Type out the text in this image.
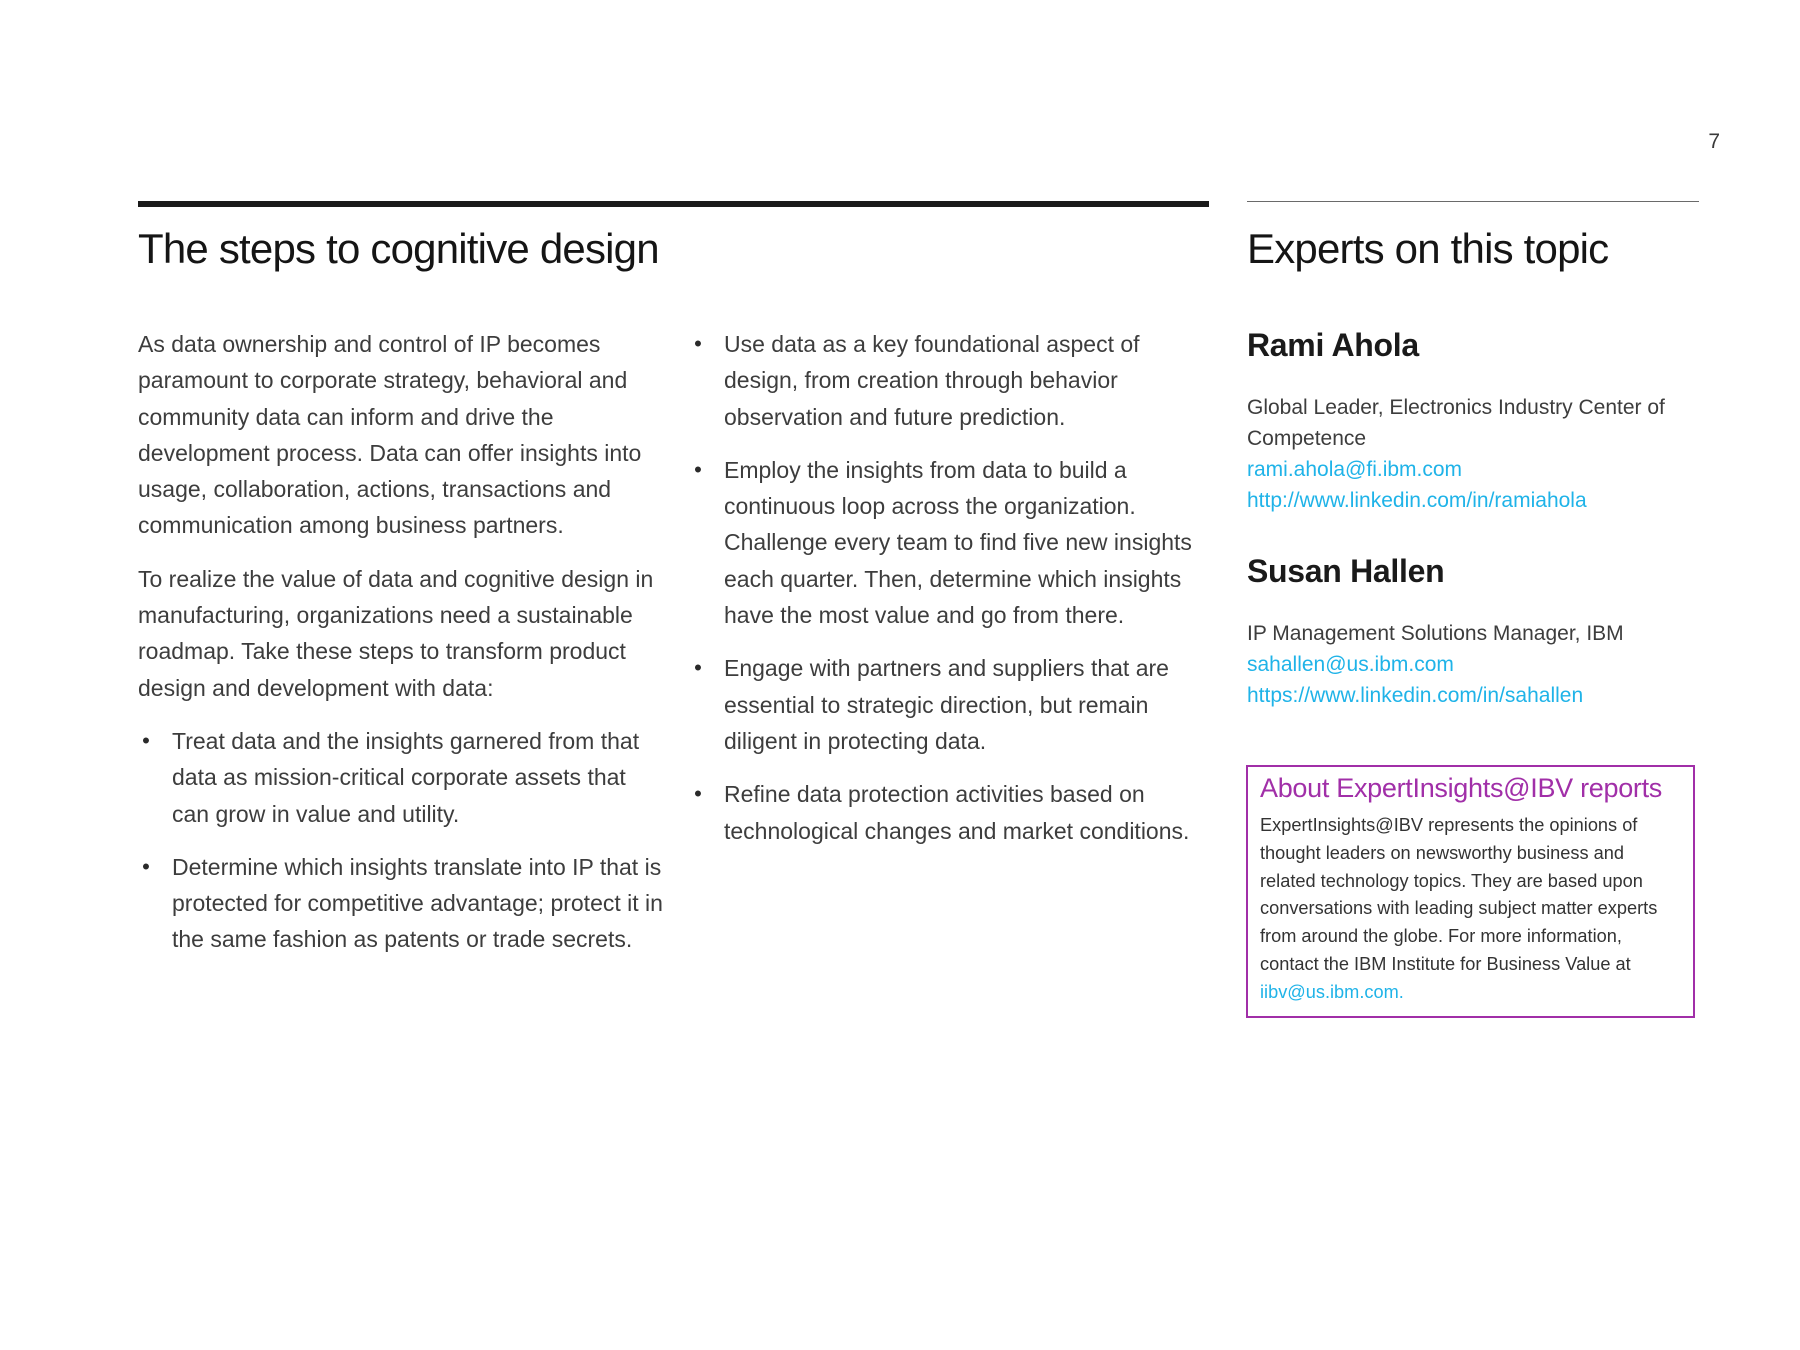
7
The steps to cognitive design	Experts on this topic

As data ownership and control of IP becomes paramount to corporate strategy, behavioral and community data can inform and drive the development process. Data can offer insights into usage, collaboration, actions, transactions and communication among business partners.

To realize the value of data and cognitive design in manufacturing, organizations need a sustainable roadmap. Take these steps to transform product design and development with data:

• Treat data and the insights garnered from that data as mission-critical corporate assets that can grow in value and utility.
• Determine which insights translate into IP that is protected for competitive advantage; protect it in the same fashion as patents or trade secrets.
• Use data as a key foundational aspect of design, from creation through behavior observation and future prediction.
• Employ the insights from data to build a continuous loop across the organization. Challenge every team to find five new insights each quarter. Then, determine which insights have the most value and go from there.
• Engage with partners and suppliers that are essential to strategic direction, but remain diligent in protecting data.
• Refine data protection activities based on technological changes and market conditions.
Rami Ahola
Global Leader, Electronics Industry Center of Competence
rami.ahola@fi.ibm.com
http://www.linkedin.com/in/ramiahola
Susan Hallen
IP Management Solutions Manager, IBM
sahallen@us.ibm.com
https://www.linkedin.com/in/sahallen
About ExpertInsights@IBV reports
ExpertInsights@IBV represents the opinions of thought leaders on newsworthy business and related technology topics. They are based upon conversations with leading subject matter experts from around the globe. For more information, contact the IBM Institute for Business Value at iibv@us.ibm.com.
